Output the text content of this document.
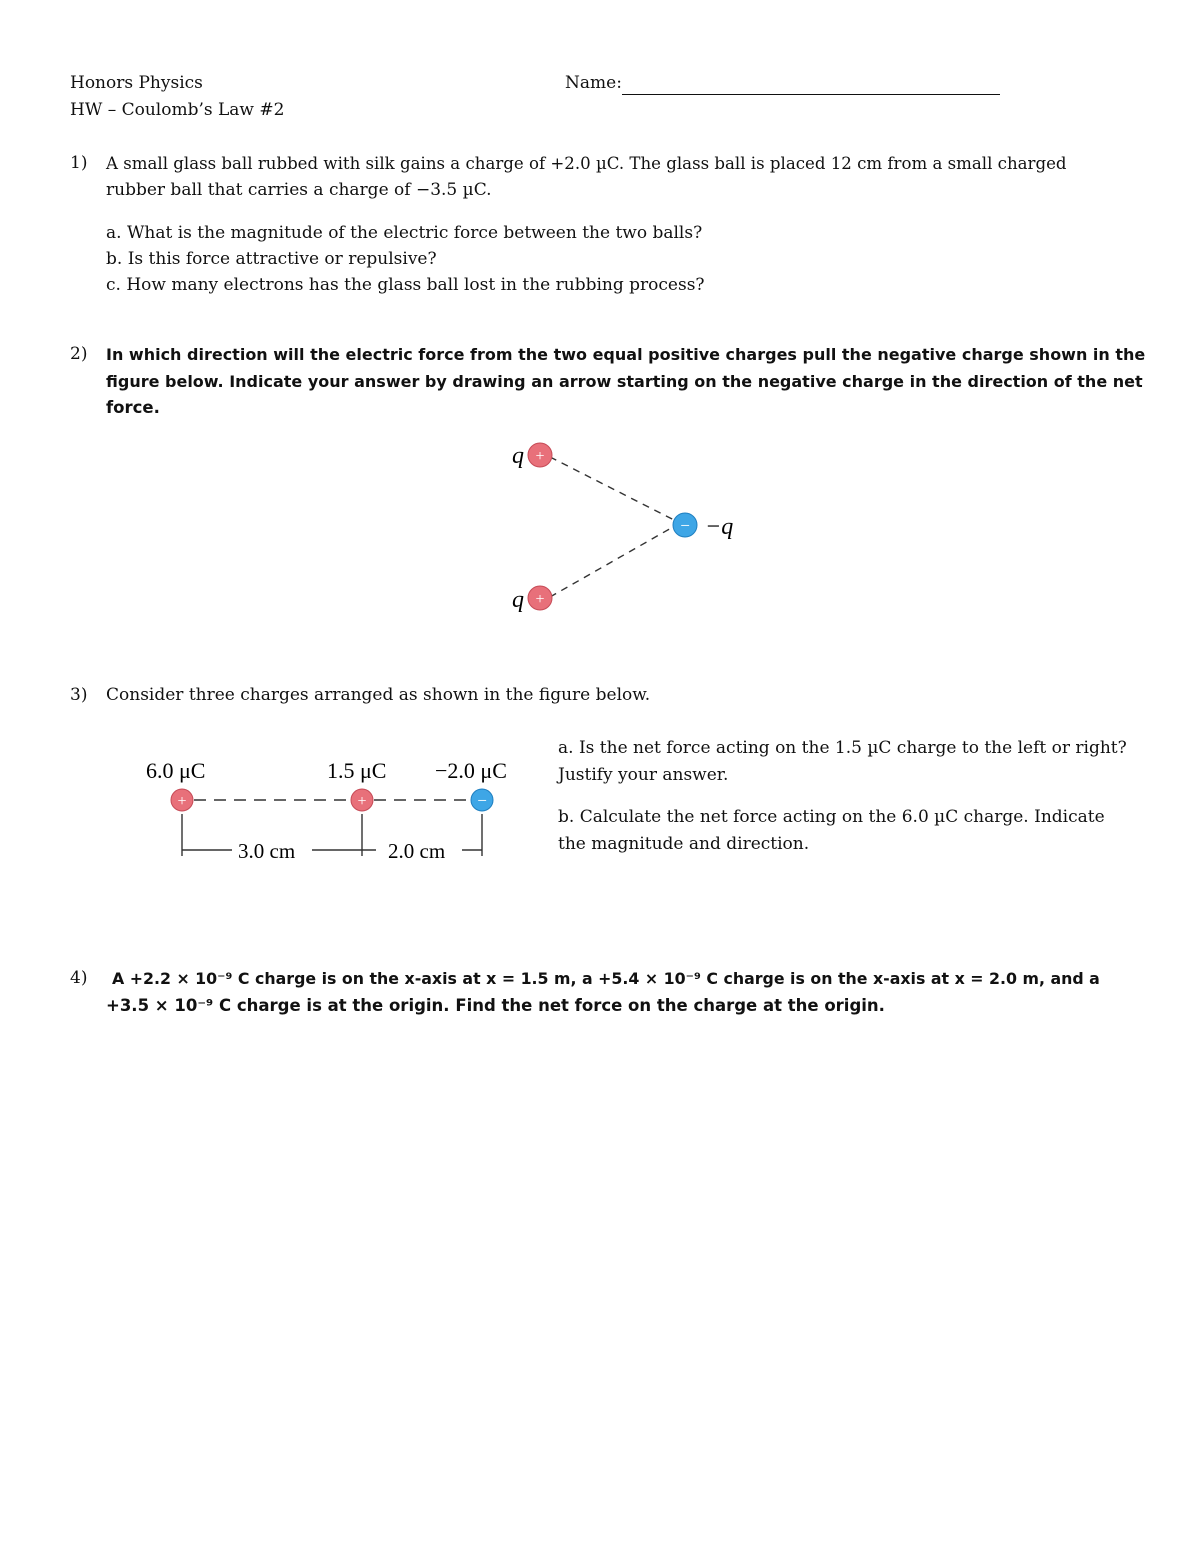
Honors Physics
HW – Coulomb’s Law #2
Name:
1) A small glass ball rubbed with silk gains a charge of +2.0 µC. The glass ball is placed 12 cm from a small charged
rubber ball that carries a charge of −3.5 µC.
a. What is the magnitude of the electric force between the two balls?
b. Is this force attractive or repulsive?
c. How many electrons has the glass ball lost in the rubbing process?
2) In which direction will the electric force from the two equal positive charges pull the negative charge shown in the
figure below. Indicate your answer by drawing an arrow starting on the negative charge in the direction of the net
force.
q +
− −q
q +
3) Consider three charges arranged as shown in the figure below.
6.0 μC	1.5 μC −2.0 μC
+	+	−
3.0 cm	2.0 cm
a. Is the net force acting on the 1.5 µC charge to the left or right?
Justify your answer.
b. Calculate the net force acting on the 6.0 µC charge. Indicate
the magnitude and direction.
4) A +2.2 × 10⁻⁹ C charge is on the x-axis at x = 1.5 m, a +5.4 × 10⁻⁹ C charge is on the x-axis at x = 2.0 m, and a
+3.5 × 10⁻⁹ C charge is at the origin. Find the net force on the charge at the origin.
